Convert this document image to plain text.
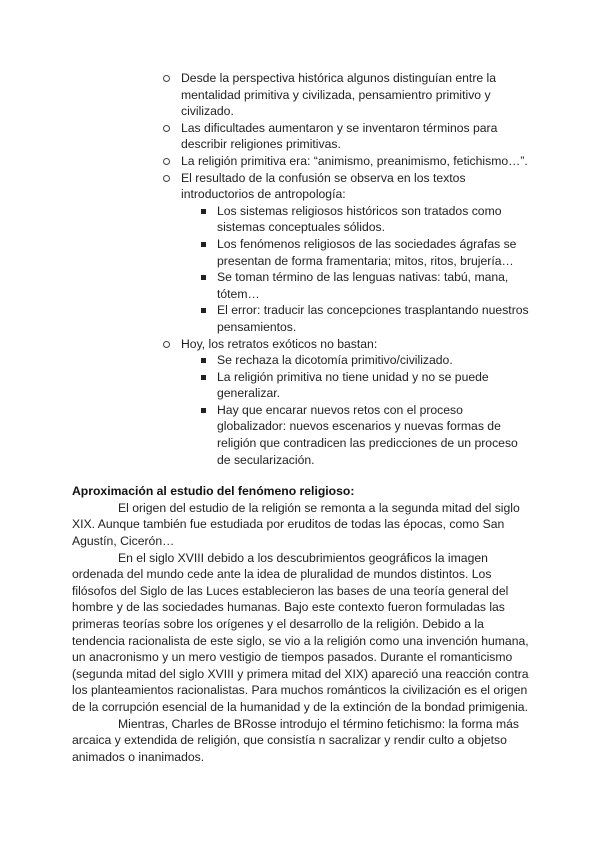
Desde la perspectiva histórica algunos distinguían entre la
mentalidad primitiva y civilizada, pensamientro primitivo y
civilizado.
Las dificultades aumentaron y se inventaron términos para
describir religiones primitivas.
La religión primitiva era: “animismo, preanimismo, fetichismo…”.
El resultado de la confusión se observa en los textos
introductorios de antropología:
Los sistemas religiosos históricos son tratados como
sistemas conceptuales sólidos.
Los fenómenos religiosos de las sociedades ágrafas se
presentan de forma framentaria; mitos, ritos, brujería…
Se toman término de las lenguas nativas: tabú, mana,
tótem…
El error: traducir las concepciones trasplantando nuestros
pensamientos.
Hoy, los retratos exóticos no bastan:
Se rechaza la dicotomía primitivo/civilizado.
La religión primitiva no tiene unidad y no se puede
generalizar.
Hay que encarar nuevos retos con el proceso
globalizador: nuevos escenarios y nuevas formas de
religión que contradicen las predicciones de un proceso
de secularización.
Aproximación al estudio del fenómeno religioso:
El origen del estudio de la religión se remonta a la segunda mitad del siglo
XIX. Aunque también fue estudiada por eruditos de todas las épocas, como San
Agustín, Cicerón…
En el siglo XVIII debido a los descubrimientos geográficos la imagen
ordenada del mundo cede ante la idea de pluralidad de mundos distintos. Los
filósofos del Siglo de las Luces establecieron las bases de una teoría general del
hombre y de las sociedades humanas. Bajo este contexto fueron formuladas las
primeras teorías sobre los orígenes y el desarrollo de la religión. Debido a la
tendencia racionalista de este siglo, se vio a la religión como una invención humana,
un anacronismo y un mero vestigio de tiempos pasados. Durante el romanticismo
(segunda mitad del siglo XVIII y primera mitad del XIX) apareció una reacción contra
los planteamientos racionalistas. Para muchos románticos la civilización es el origen
de la corrupción esencial de la humanidad y de la extinción de la bondad primigenia.
Mientras, Charles de BRosse introdujo el término fetichismo: la forma más
arcaica y extendida de religión, que consistía n sacralizar y rendir culto a objetso
animados o inanimados.
